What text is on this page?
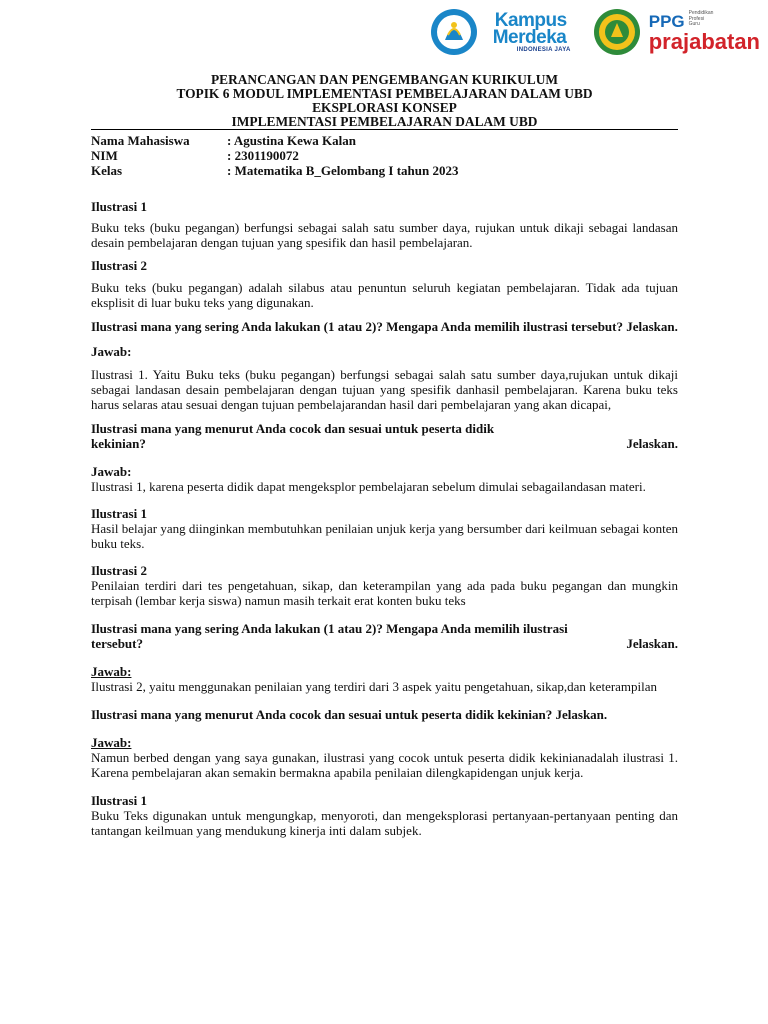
Kampus
Merdeka
INDONESIA JAYA
PPG Pendidikan
Profesi
Guru
prajabatan
PERANCANGAN DAN PENGEMBANGAN KURIKULUM
TOPIK 6 MODUL IMPLEMENTASI PEMBELAJARAN DALAM UBD
EKSPLORASI KONSEP
IMPLEMENTASI PEMBELAJARAN DALAM UBD
Nama Mahasiswa	: Agustina Kewa Kalan
NIM	: 2301190072
Kelas	: Matematika B_Gelombang I tahun 2023

Ilustrasi 1

Buku teks (buku pegangan) berfungsi sebagai salah satu sumber daya, rujukan untuk dikaji sebagai landasan desain pembelajaran dengan tujuan yang spesifik dan hasil pembelajaran.

Ilustrasi 2

Buku teks (buku pegangan) adalah silabus atau penuntun seluruh kegiatan pembelajaran. Tidak ada tujuan eksplisit di luar buku teks yang digunakan.

Ilustrasi mana yang sering Anda lakukan (1 atau 2)? Mengapa Anda memilih ilustrasi tersebut? Jelaskan.

Jawab:

Ilustrasi 1. Yaitu Buku teks (buku pegangan) berfungsi sebagai salah satu sumber daya,rujukan untuk dikaji sebagai landasan desain pembelajaran dengan tujuan yang spesifik danhasil pembelajaran. Karena buku teks harus selaras atau sesuai dengan tujuan pembelajarandan hasil dari pembelajaran yang akan dicapai,

Ilustrasi mana yang menurut Anda cocok dan sesuai untuk peserta didik

kekinian?	Jelaskan.

Jawab:

Ilustrasi 1, karena peserta didik dapat mengeksplor pembelajaran sebelum dimulai sebagailandasan materi.

Ilustrasi 1

Hasil belajar yang diinginkan membutuhkan penilaian unjuk kerja yang bersumber dari keilmuan sebagai konten buku teks.

Ilustrasi 2

Penilaian terdiri dari tes pengetahuan, sikap, dan keterampilan yang ada pada buku pegangan dan mungkin terpisah (lembar kerja siswa) namun masih terkait erat konten buku teks

Ilustrasi mana yang sering Anda lakukan (1 atau 2)? Mengapa Anda memilih ilustrasi

tersebut?	Jelaskan.

Jawab:

Ilustrasi 2, yaitu menggunakan penilaian yang terdiri dari 3 aspek yaitu pengetahuan, sikap,dan keterampilan

Ilustrasi mana yang menurut Anda cocok dan sesuai untuk peserta didik kekinian? Jelaskan.

Jawab:

Namun berbed dengan yang saya gunakan, ilustrasi yang cocok untuk peserta didik kekinianadalah ilustrasi 1. Karena pembelajaran akan semakin bermakna apabila penilaian dilengkapidengan unjuk kerja.

Ilustrasi 1

Buku Teks digunakan untuk mengungkap, menyoroti, dan mengeksplorasi pertanyaan-pertanyaan penting dan tantangan keilmuan yang mendukung kinerja inti dalam subjek.
